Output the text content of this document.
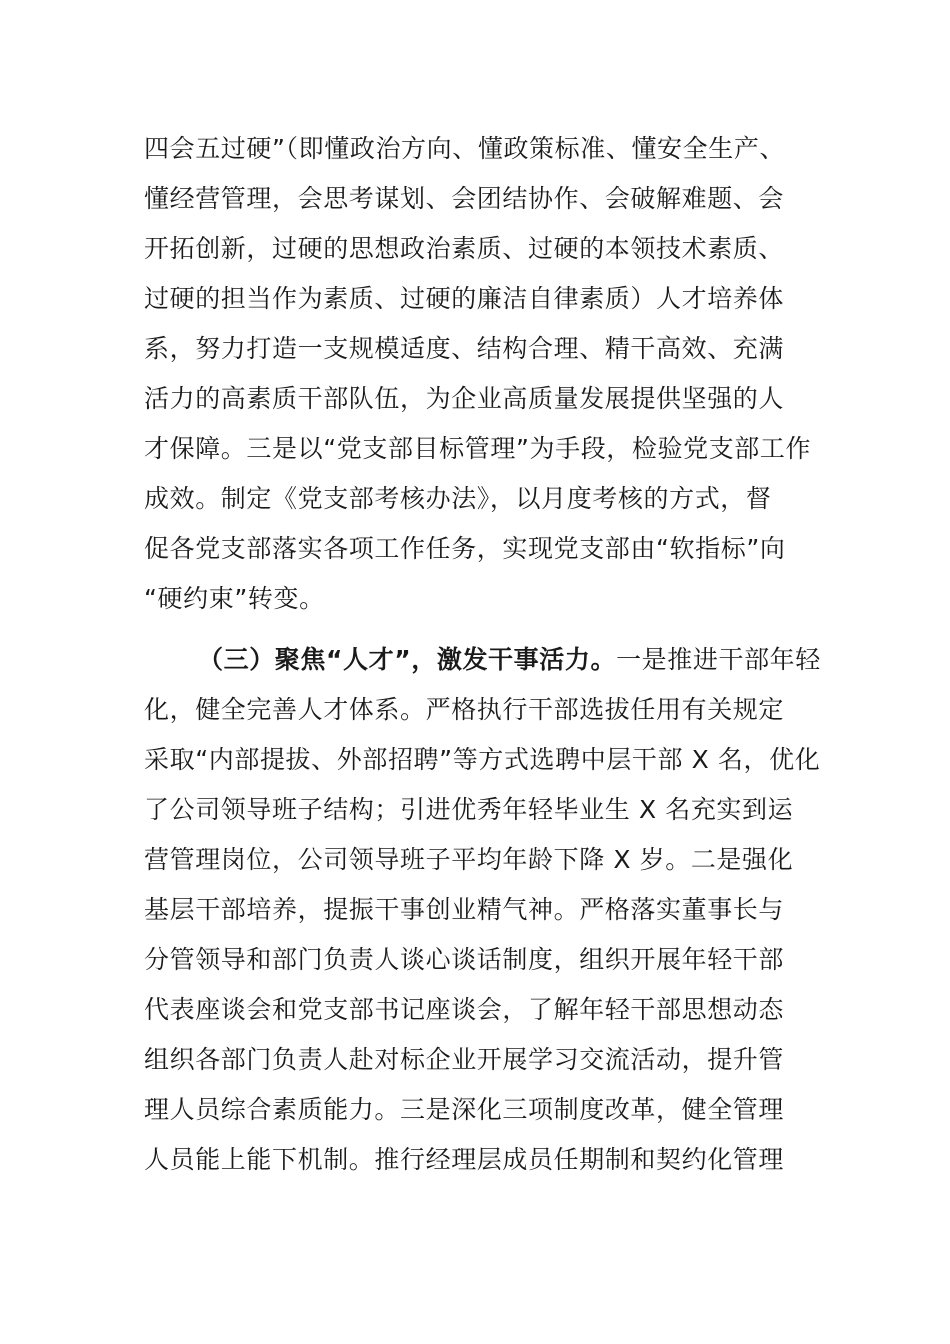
四会五过硬”（即懂政治方向、懂政策标准、懂安全生产、
懂经营管理，会思考谋划、会团结协作、会破解难题、会
开拓创新，过硬的思想政治素质、过硬的本领技术素质、
过硬的担当作为素质、过硬的廉洁自律素质）人才培养体
系，努力打造一支规模适度、结构合理、精干高效、充满
活力的高素质干部队伍，为企业高质量发展提供坚强的人
才保障。三是以“党支部目标管理”为手段，检验党支部工作
成效。制定《党支部考核办法》，以月度考核的方式，督
促各党支部落实各项工作任务，实现党支部由“软指标”向
“硬约束”转变。
（三）聚焦“人才”，激发干事活力。一是推进干部年轻
化，健全完善人才体系。严格执行干部选拔任用有关规定
采取“内部提拔、外部招聘”等方式选聘中层干部 X 名，优化
了公司领导班子结构；引进优秀年轻毕业生 X 名充实到运
营管理岗位，公司领导班子平均年龄下降 X 岁。二是强化
基层干部培养，提振干事创业精气神。严格落实董事长与
分管领导和部门负责人谈心谈话制度，组织开展年轻干部
代表座谈会和党支部书记座谈会，了解年轻干部思想动态
组织各部门负责人赴对标企业开展学习交流活动，提升管
理人员综合素质能力。三是深化三项制度改革，健全管理
人员能上能下机制。推行经理层成员任期制和契约化管理
